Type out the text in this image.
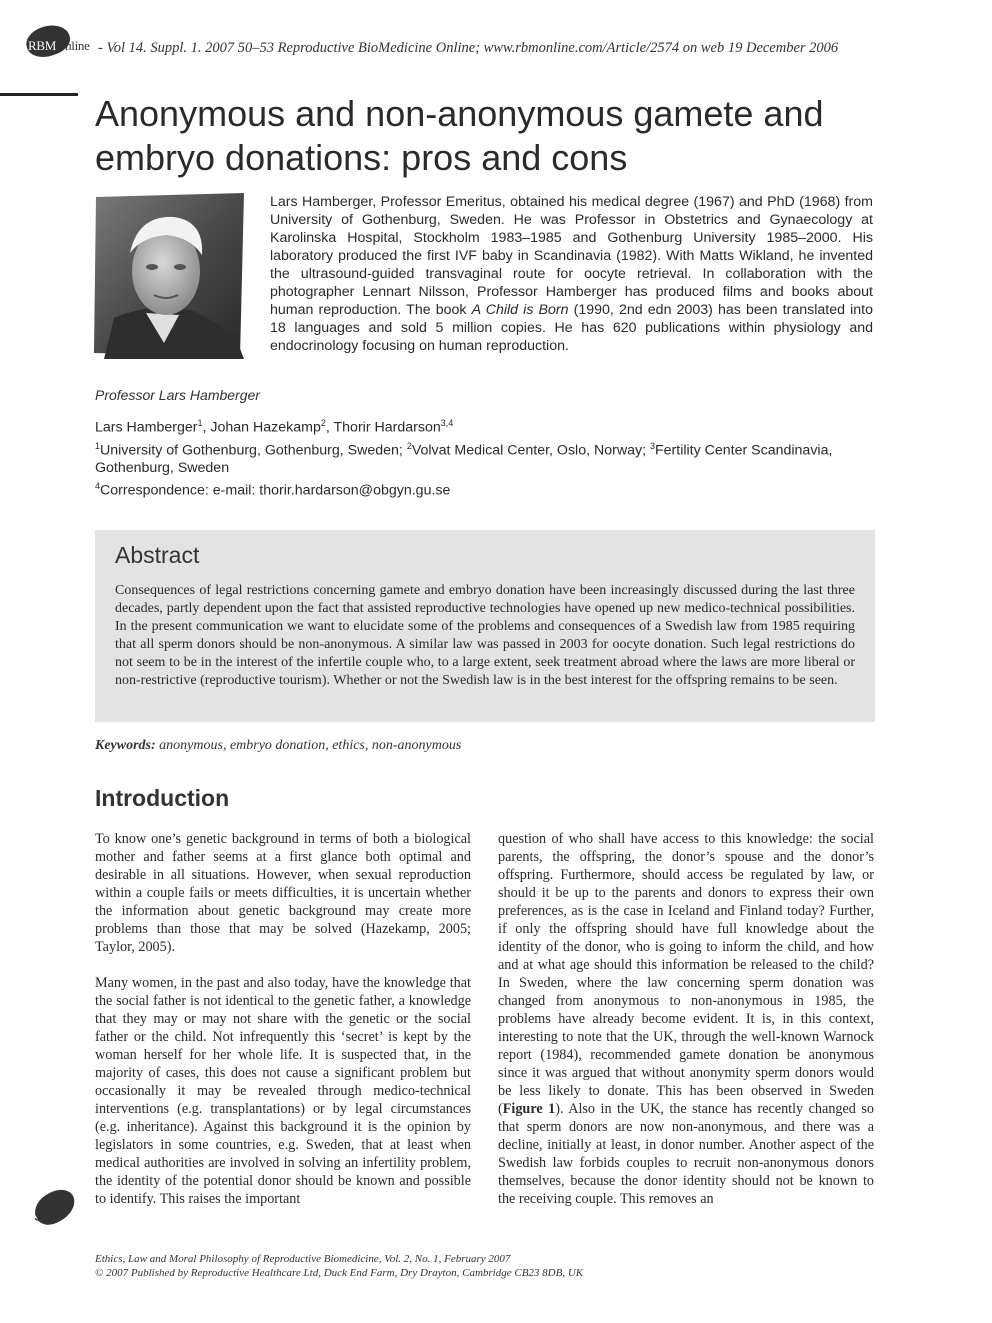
RBMOnline - Vol 14. Suppl. 1. 2007 50–53 Reproductive BioMedicine Online; www.rbmonline.com/Article/2574 on web 19 December 2006
Anonymous and non-anonymous gamete and embryo donations: pros and cons
Lars Hamberger, Professor Emeritus, obtained his medical degree (1967) and PhD (1968) from University of Gothenburg, Sweden. He was Professor in Obstetrics and Gynaecology at Karolinska Hospital, Stockholm 1983–1985 and Gothenburg University 1985–2000. His laboratory produced the first IVF baby in Scandinavia (1982). With Matts Wikland, he invented the ultrasound-guided transvaginal route for oocyte retrieval. In collaboration with the photographer Lennart Nilsson, Professor Hamberger has produced films and books about human reproduction. The book A Child is Born (1990, 2nd edn 2003) has been translated into 18 languages and sold 5 million copies. He has 620 publications within physiology and endocrinology focusing on human reproduction.
Professor Lars Hamberger
Lars Hamberger$^1$, Johan Hazekamp$^2$, Thorir Hardarson$^{3,4}$
$^1$University of Gothenburg, Gothenburg, Sweden; $^2$Volvat Medical Center, Oslo, Norway; $^3$Fertility Center Scandinavia, Gothenburg, Sweden
$^4$Correspondence: e-mail: thorir.hardarson@obgyn.gu.se
Abstract

Consequences of legal restrictions concerning gamete and embryo donation have been increasingly discussed during the last three decades, partly dependent upon the fact that assisted reproductive technologies have opened up new medico-technical possibilities. In the present communication we want to elucidate some of the problems and consequences of a Swedish law from 1985 requiring that all sperm donors should be non-anonymous. A similar law was passed in 2003 for oocyte donation. Such legal restrictions do not seem to be in the interest of the infertile couple who, to a large extent, seek treatment abroad where the laws are more liberal or non-restrictive (reproductive tourism). Whether or not the Swedish law is in the best interest for the offspring remains to be seen.

Keywords: anonymous, embryo donation, ethics, non-anonymous
Introduction

To know one’s genetic background in terms of both a biological mother and father seems at a first glance both optimal and desirable in all situations. However, when sexual reproduction within a couple fails or meets difficulties, it is uncertain whether the information about genetic background may create more problems than those that may be solved (Hazekamp, 2005; Taylor, 2005).

Many women, in the past and also today, have the knowledge that the social father is not identical to the genetic father, a knowledge that they may or may not share with the genetic or the social father or the child. Not infrequently this ‘secret’ is kept by the woman herself for her whole life. It is suspected that, in the majority of cases, this does not cause a significant problem but occasionally it may be revealed through medico-technical interventions (e.g. transplantations) or by legal circumstances (e.g. inheritance). Against this background it is the opinion by legislators in some countries, e.g. Sweden, that at least when medical authorities are involved in solving an infertility problem, the identity of the potential donor should be known and possible to identify. This raises the important

question of who shall have access to this knowledge: the social parents, the offspring, the donor’s spouse and the donor’s offspring. Furthermore, should access be regulated by law, or should it be up to the parents and donors to express their own preferences, as is the case in Iceland and Finland today? Further, if only the offspring should have full knowledge about the identity of the donor, who is going to inform the child, and how and at what age should this information be released to the child? In Sweden, where the law concerning sperm donation was changed from anonymous to non-anonymous in 1985, the problems have already become evident. It is, in this context, interesting to note that the UK, through the well-known Warnock report (1984), recommended gamete donation be anonymous since it was argued that without anonymity sperm donors would be less likely to donate. This has been observed in Sweden (Figure 1). Also in the UK, the stance has recently changed so that sperm donors are now non-anonymous, and there was a decline, initially at least, in donor number. Another aspect of the Swedish law forbids couples to recruit non-anonymous donors themselves, because the donor identity should not be known to the receiving couple. This removes an

50
Ethics, Law and Moral Philosophy of Reproductive Biomedicine, Vol. 2, No. 1, February 2007
© 2007 Published by Reproductive Healthcare Ltd, Duck End Farm, Dry Drayton, Cambridge CB23 8DB, UK
